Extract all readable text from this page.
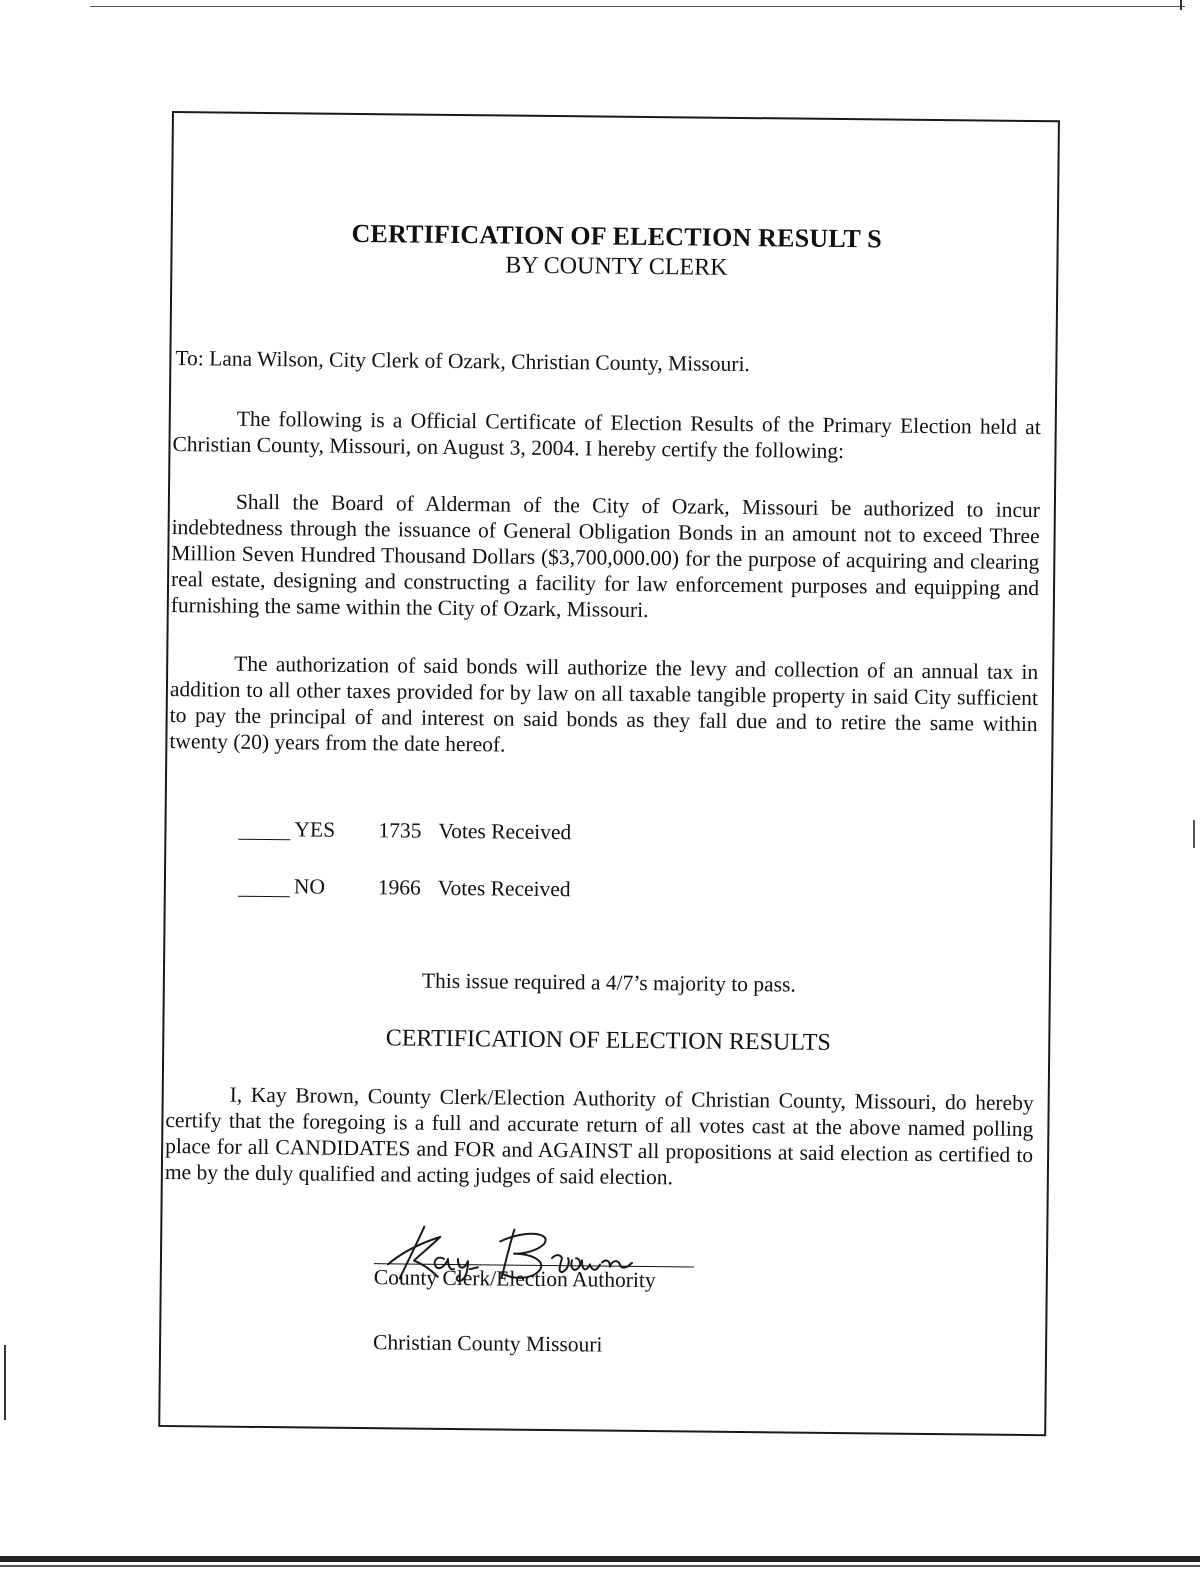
CERTIFICATION OF ELECTION RESULT S
BY COUNTY CLERK
To: Lana Wilson, City Clerk of Ozark, Christian County, Missouri.
The following is a Official Certificate of Election Results of the Primary Election held at Christian County, Missouri, on August 3, 2004. I hereby certify the following:
Shall the Board of Alderman of the City of Ozark, Missouri be authorized to incur indebtedness through the issuance of General Obligation Bonds in an amount not to exceed Three Million Seven Hundred Thousand Dollars ($3,700,000.00) for the purpose of acquiring and clearing real estate, designing and constructing a facility for law enforcement purposes and equipping and furnishing the same within the City of Ozark, Missouri.
The authorization of said bonds will authorize the levy and collection of an annual tax in addition to all other taxes provided for by law on all taxable tangible property in said City sufficient to pay the principal of and interest on said bonds as they fall due and to retire the same within twenty (20) years from the date hereof.
YES 1735 Votes Received
NO 1966 Votes Received
This issue required a 4/7’s majority to pass.
CERTIFICATION OF ELECTION RESULTS
I, Kay Brown, County Clerk/Election Authority of Christian County, Missouri, do hereby certify that the foregoing is a full and accurate return of all votes cast at the above named polling place for all CANDIDATES and FOR and AGAINST all propositions at said election as certified to me by the duly qualified and acting judges of said election.
County Clerk/Election Authority
Christian County Missouri
